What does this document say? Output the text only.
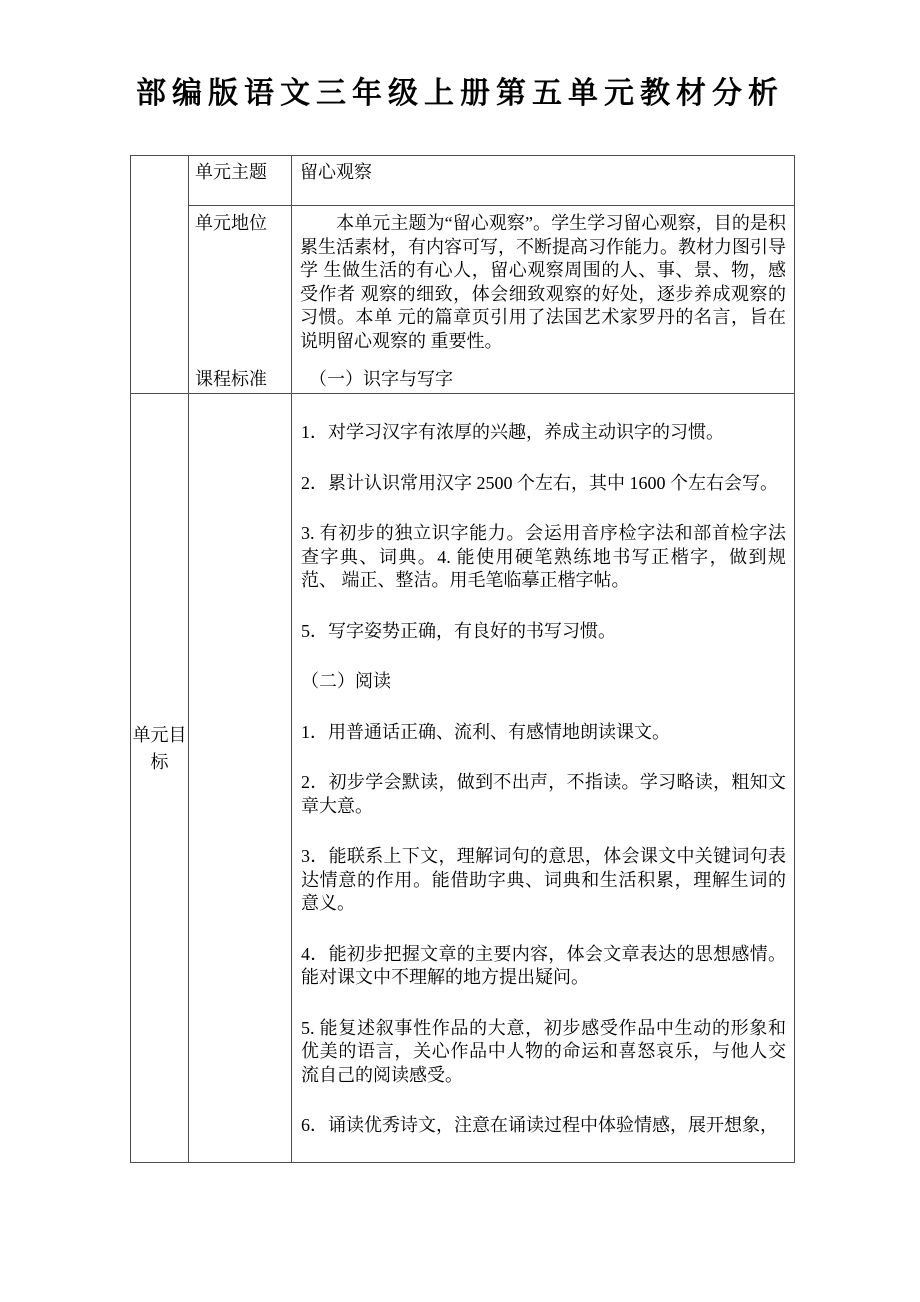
部编版语文三年级上册第五单元教材分析
单元主题	留心观察
单元地位
课程标准

　　本单元主题为“留心观察”。学生学习留心观察，目的是积 累生活素材，有内容可写，不断提高习作能力。教材力图引导学 生做生活的有心人，留心观察周围的人、事、景、物，感受作者 观察的细致，体会细致观察的好处，逐步养成观察的习惯。本单 元的篇章页引用了法国艺术家罗丹的名言，旨在说明留心观察的 重要性。

　（一）识字与写字

单元目标

1．对学习汉字有浓厚的兴趣，养成主动识字的习惯。

2．累计认识常用汉字 2500 个左右，其中 1600 个左右会写。

3. 有初步的独立识字能力。会运用音序检字法和部首检字法 查字典、词典。4. 能使用硬笔熟练地书写正楷字，做到规范、 端正、整洁。用毛笔临摹正楷字帖。

5．写字姿势正确，有良好的书写习惯。

（二）阅读

1．用普通话正确、流利、有感情地朗读课文。

2．初步学会默读，做到不出声，不指读。学习略读，粗知文章大意。

3．能联系上下文，理解词句的意思，体会课文中关键词句表达情意的作用。能借助字典、词典和生活积累，理解生词的意义。

4．能初步把握文章的主要内容，体会文章表达的思想感情。能对课文中不理解的地方提出疑问。

5. 能复述叙事性作品的大意，初步感受作品中生动的形象和优美的语言，关心作品中人物的命运和喜怒哀乐，与他人交流自己的阅读感受。

6．诵读优秀诗文，注意在诵读过程中体验情感，展开想象，
